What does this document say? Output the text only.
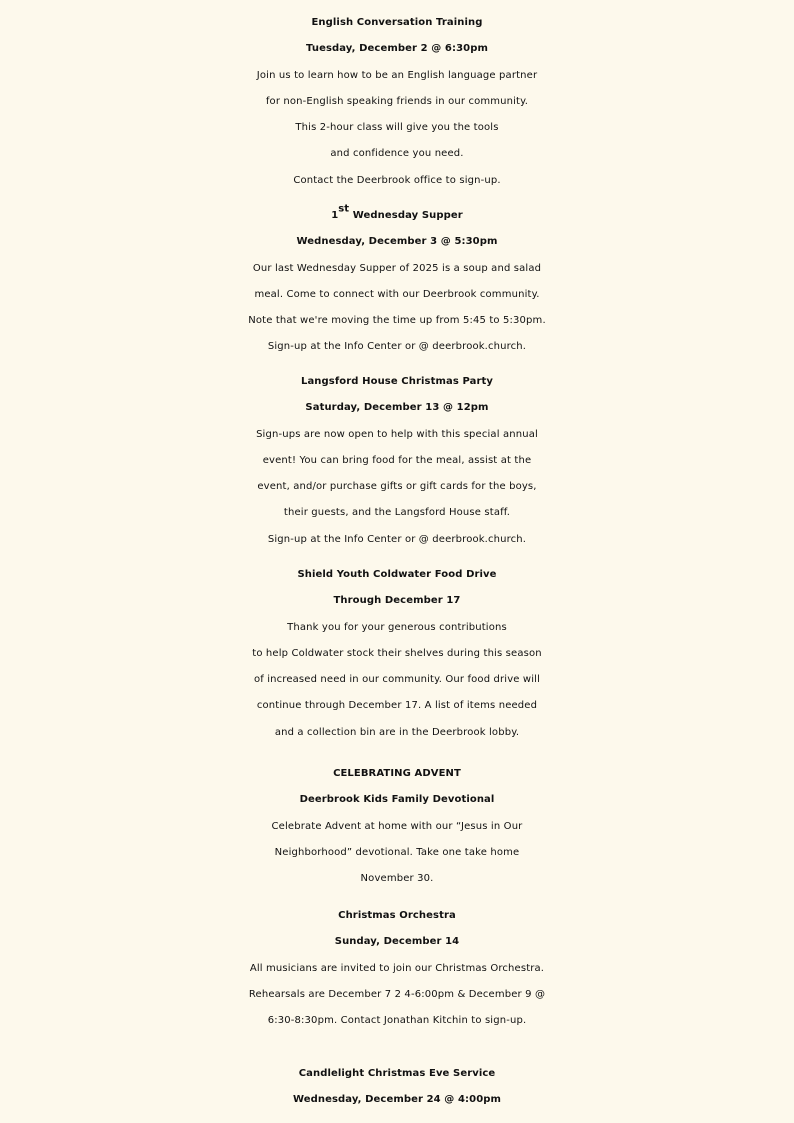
English Conversation Training
Tuesday, December 2 @ 6:30pm
Join us to learn how to be an English language partner
for non-English speaking friends in our community.
This 2-hour class will give you the tools
and confidence you need.
Contact the Deerbrook office to sign-up.
1st Wednesday Supper
Wednesday, December 3 @ 5:30pm
Our last Wednesday Supper of 2025 is a soup and salad
meal. Come to connect with our Deerbrook community.
Note that we're moving the time up from 5:45 to 5:30pm.
Sign-up at the Info Center or @ deerbrook.church.
Langsford House Christmas Party
Saturday, December 13 @ 12pm
Sign-ups are now open to help with this special annual
event! You can bring food for the meal, assist at the
event, and/or purchase gifts or gift cards for the boys,
their guests, and the Langsford House staff.
Sign-up at the Info Center or @ deerbrook.church.
Shield Youth Coldwater Food Drive
Through December 17
Thank you for your generous contributions
to help Coldwater stock their shelves during this season
of increased need in our community. Our food drive will
continue through December 17. A list of items needed
and a collection bin are in the Deerbrook lobby.
CELEBRATING ADVENT
Deerbrook Kids Family Devotional
Celebrate Advent at home with our “Jesus in Our
Neighborhood” devotional. Take one take home
November 30.
Christmas Orchestra
Sunday, December 14
All musicians are invited to join our Christmas Orchestra.
Rehearsals are December 7 2 4-6:00pm & December 9 @
6:30-8:30pm. Contact Jonathan Kitchin to sign-up.
Candlelight Christmas Eve Service
Wednesday, December 24 @ 4:00pm
